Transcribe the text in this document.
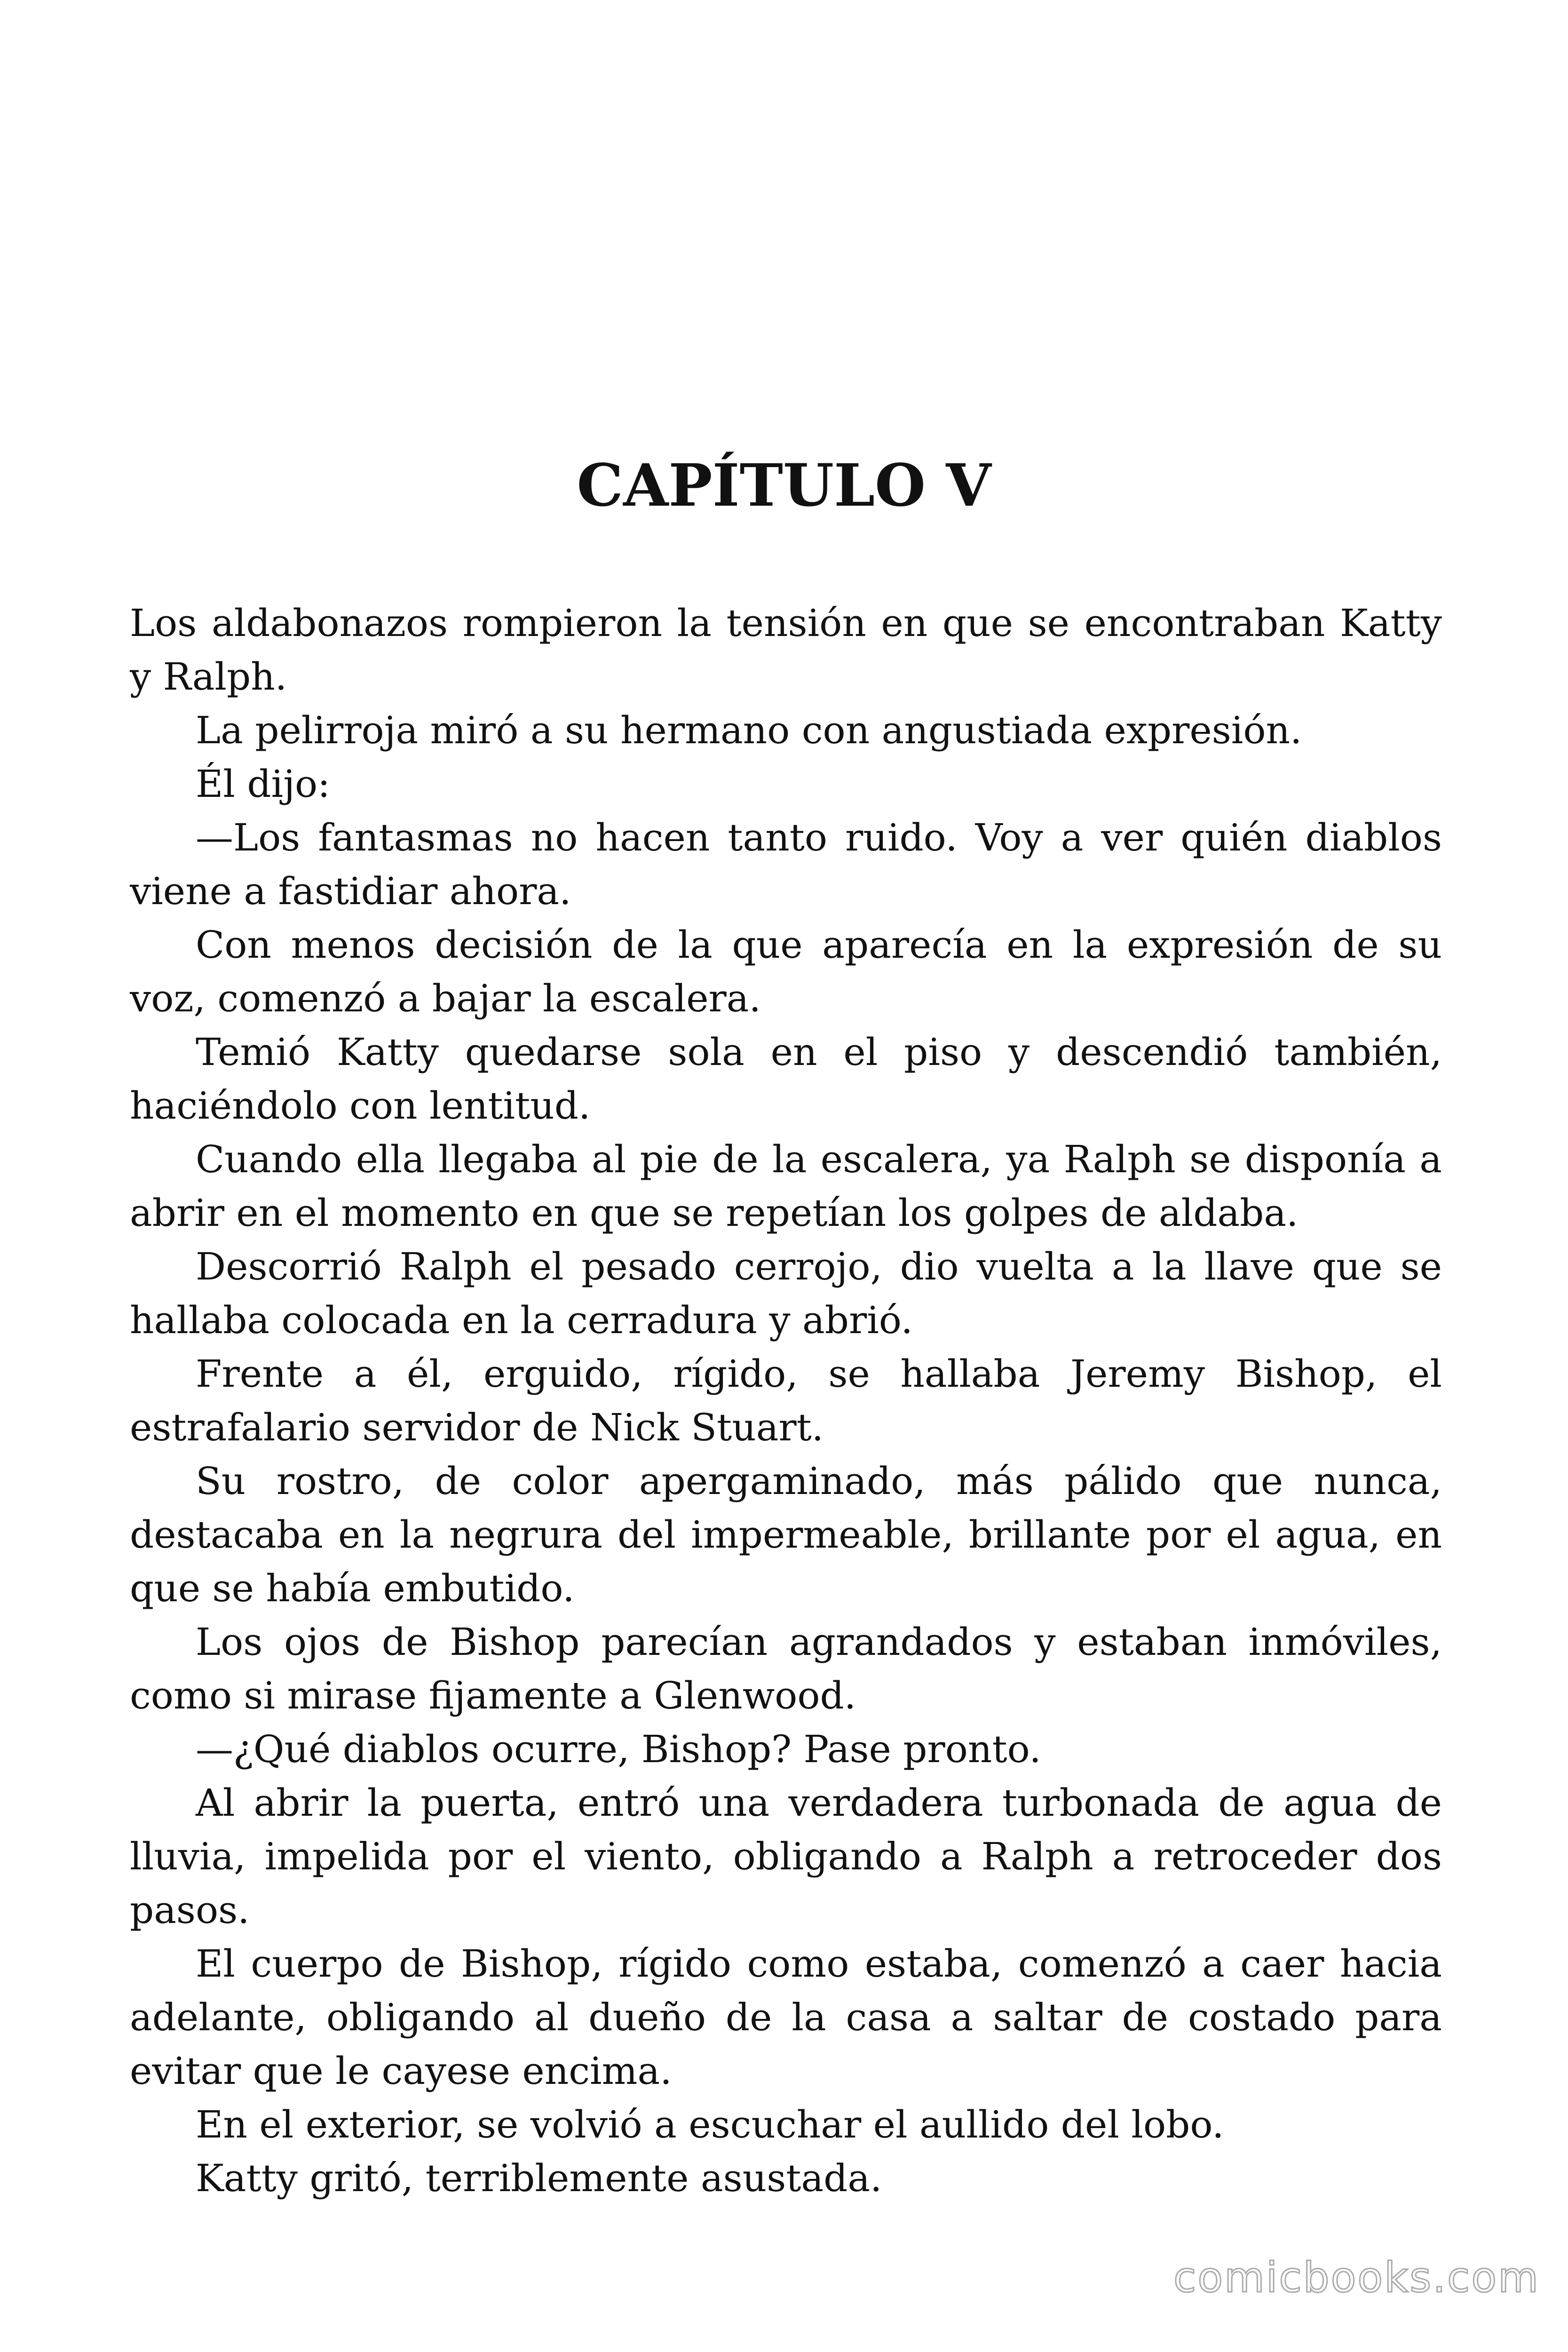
CAPÍTULO V

Los aldabonazos rompieron la tensión en que se encontraban Katty y Ralph.

La pelirroja miró a su hermano con angustiada expresión.

Él dijo:

—Los fantasmas no hacen tanto ruido. Voy a ver quién diablos viene a fastidiar ahora.

Con menos decisión de la que aparecía en la expresión de su voz, comenzó a bajar la escalera.

Temió Katty quedarse sola en el piso y descendió también, haciéndolo con lentitud.

Cuando ella llegaba al pie de la escalera, ya Ralph se disponía a abrir en el momento en que se repetían los golpes de aldaba.

Descorrió Ralph el pesado cerrojo, dio vuelta a la llave que se hallaba colocada en la cerradura y abrió.

Frente a él, erguido, rígido, se hallaba Jeremy Bishop, el estrafalario servidor de Nick Stuart.

Su rostro, de color apergaminado, más pálido que nunca, destacaba en la negrura del impermeable, brillante por el agua, en que se había embutido.

Los ojos de Bishop parecían agrandados y estaban inmóviles, como si mirase fijamente a Glenwood.

—¿Qué diablos ocurre, Bishop? Pase pronto.

Al abrir la puerta, entró una verdadera turbonada de agua de lluvia, impelida por el viento, obligando a Ralph a retroceder dos pasos.

El cuerpo de Bishop, rígido como estaba, comenzó a caer hacia adelante, obligando al dueño de la casa a saltar de costado para evitar que le cayese encima.

En el exterior, se volvió a escuchar el aullido del lobo.

Katty gritó, terriblemente asustada.

comicbooks.com
